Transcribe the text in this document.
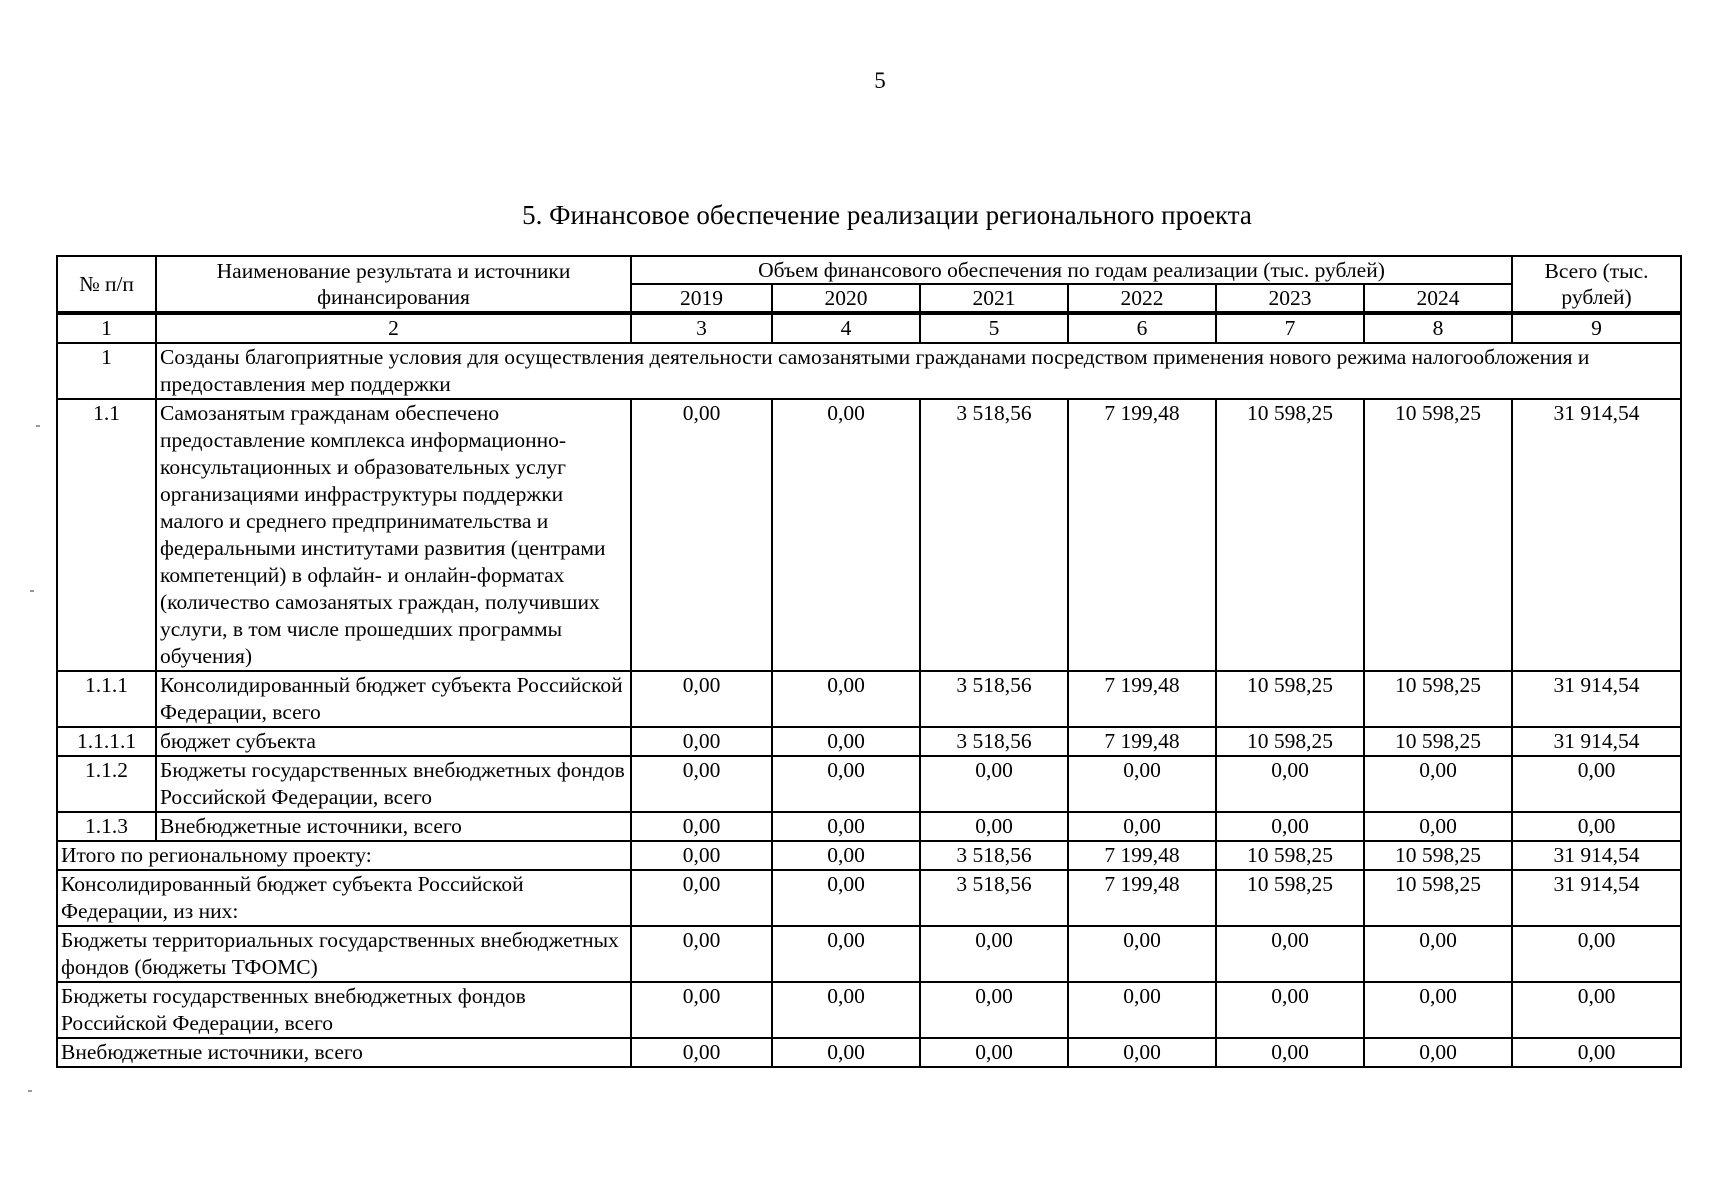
5
5. Финансовое обеспечение реализации регионального проекта
№ п/п	Наименование результата и источники финансирования	Объем финансового обеспечения по годам реализации (тыс. рублей)						Всего (тыс. рублей)
		2019	2020	2021	2022	2023	2024	
1	2	3	4	5	6	7	8	9
1	Созданы благоприятные условия для осуществления деятельности самозанятыми гражданами посредством применения нового режима налогообложения и предоставления мер поддержки							
1.1	Самозанятым гражданам обеспечено предоставление комплекса информационно-консультационных и образовательных услуг организациями инфраструктуры поддержки малого и среднего предпринимательства и федеральными институтами развития (центрами компетенций) в офлайн- и онлайн-форматах (количество самозанятых граждан, получивших услуги, в том числе прошедших программы обучения)	0,00	0,00	3 518,56	7 199,48	10 598,25	10 598,25	31 914,54
1.1.1	Консолидированный бюджет субъекта Российской Федерации, всего	0,00	0,00	3 518,56	7 199,48	10 598,25	10 598,25	31 914,54
1.1.1.1	бюджет субъекта	0,00	0,00	3 518,56	7 199,48	10 598,25	10 598,25	31 914,54
1.1.2	Бюджеты государственных внебюджетных фондов Российской Федерации, всего	0,00	0,00	0,00	0,00	0,00	0,00	0,00
1.1.3	Внебюджетные источники, всего	0,00	0,00	0,00	0,00	0,00	0,00	0,00
Итого по региональному проекту:		0,00	0,00	3 518,56	7 199,48	10 598,25	10 598,25	31 914,54
Консолидированный бюджет субъекта Российской Федерации, из них:		0,00	0,00	3 518,56	7 199,48	10 598,25	10 598,25	31 914,54
Бюджеты территориальных государственных внебюджетных фондов (бюджеты ТФОМС)		0,00	0,00	0,00	0,00	0,00	0,00	0,00
Бюджеты государственных внебюджетных фондов Российской Федерации, всего		0,00	0,00	0,00	0,00	0,00	0,00	0,00
Внебюджетные источники, всего		0,00	0,00	0,00	0,00	0,00	0,00	0,00
